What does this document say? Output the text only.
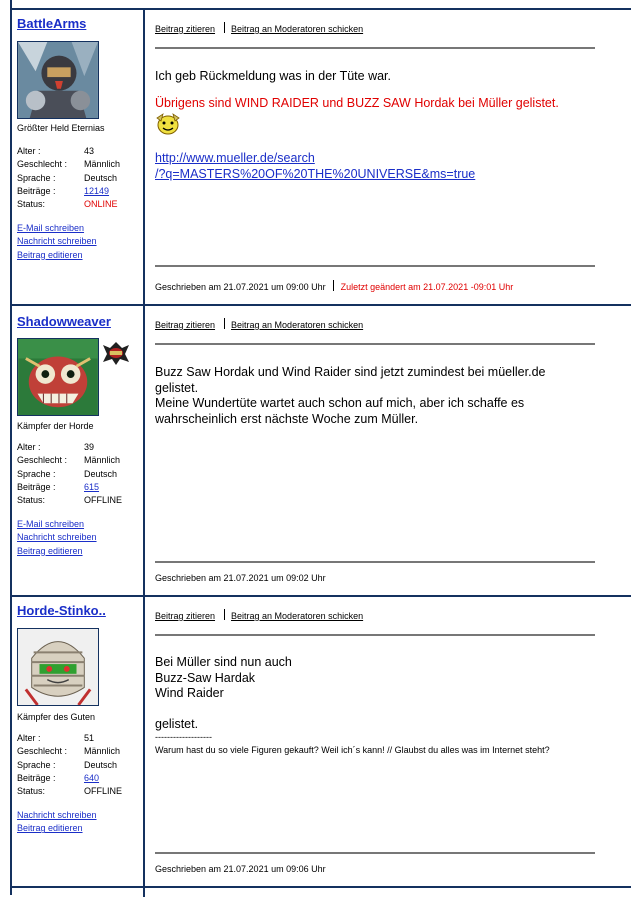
BattleArms
Größter Held Eternias
Alter :	43
Geschlecht : Männlich
Sprache :	Deutsch
Beiträge :	12149
Status:	ONLINE
E-Mail schreiben
Nachricht schreiben
Beitrag editieren
Beitrag zitieren Beitrag an Moderatoren schicken
Ich geb Rückmeldung was in der Tüte war.
Übrigens sind WIND RAIDER und BUZZ SAW Hordak bei Müller gelistet.
http://www.mueller.de/search
/?q=MASTERS%20OF%20THE%20UNIVERSE&ms=true
Geschrieben am 21.07.2021 um 09:00 Uhr Zuletzt geändert am 21.07.2021 -09:01 Uhr
Shadowweaver
Kämpfer der Horde
Alter :	39
Geschlecht : Männlich
Sprache :	Deutsch
Beiträge :	615
Status:	OFFLINE
E-Mail schreiben
Nachricht schreiben
Beitrag editieren
Beitrag zitieren Beitrag an Moderatoren schicken
Buzz Saw Hordak und Wind Raider sind jetzt zumindest bei müeller.de gelistet.
Meine Wundertüte wartet auch schon auf mich, aber ich schaffe es wahrscheinlich erst nächste Woche zum Müller.
Geschrieben am 21.07.2021 um 09:02 Uhr
Horde-Stinko..
Kämpfer des Guten
Alter :	51
Geschlecht : Männlich
Sprache :	Deutsch
Beiträge :	640
Status:	OFFLINE
Nachricht schreiben
Beitrag editieren
Beitrag zitieren Beitrag an Moderatoren schicken
Bei Müller sind nun auch
Buzz-Saw Hardak
Wind Raider
gelistet.
-------------------
Warum hast du so viele Figuren gekauft? Weil ich´s kann! // Glaubst du alles was im Internet steht?
Geschrieben am 21.07.2021 um 09:06 Uhr
